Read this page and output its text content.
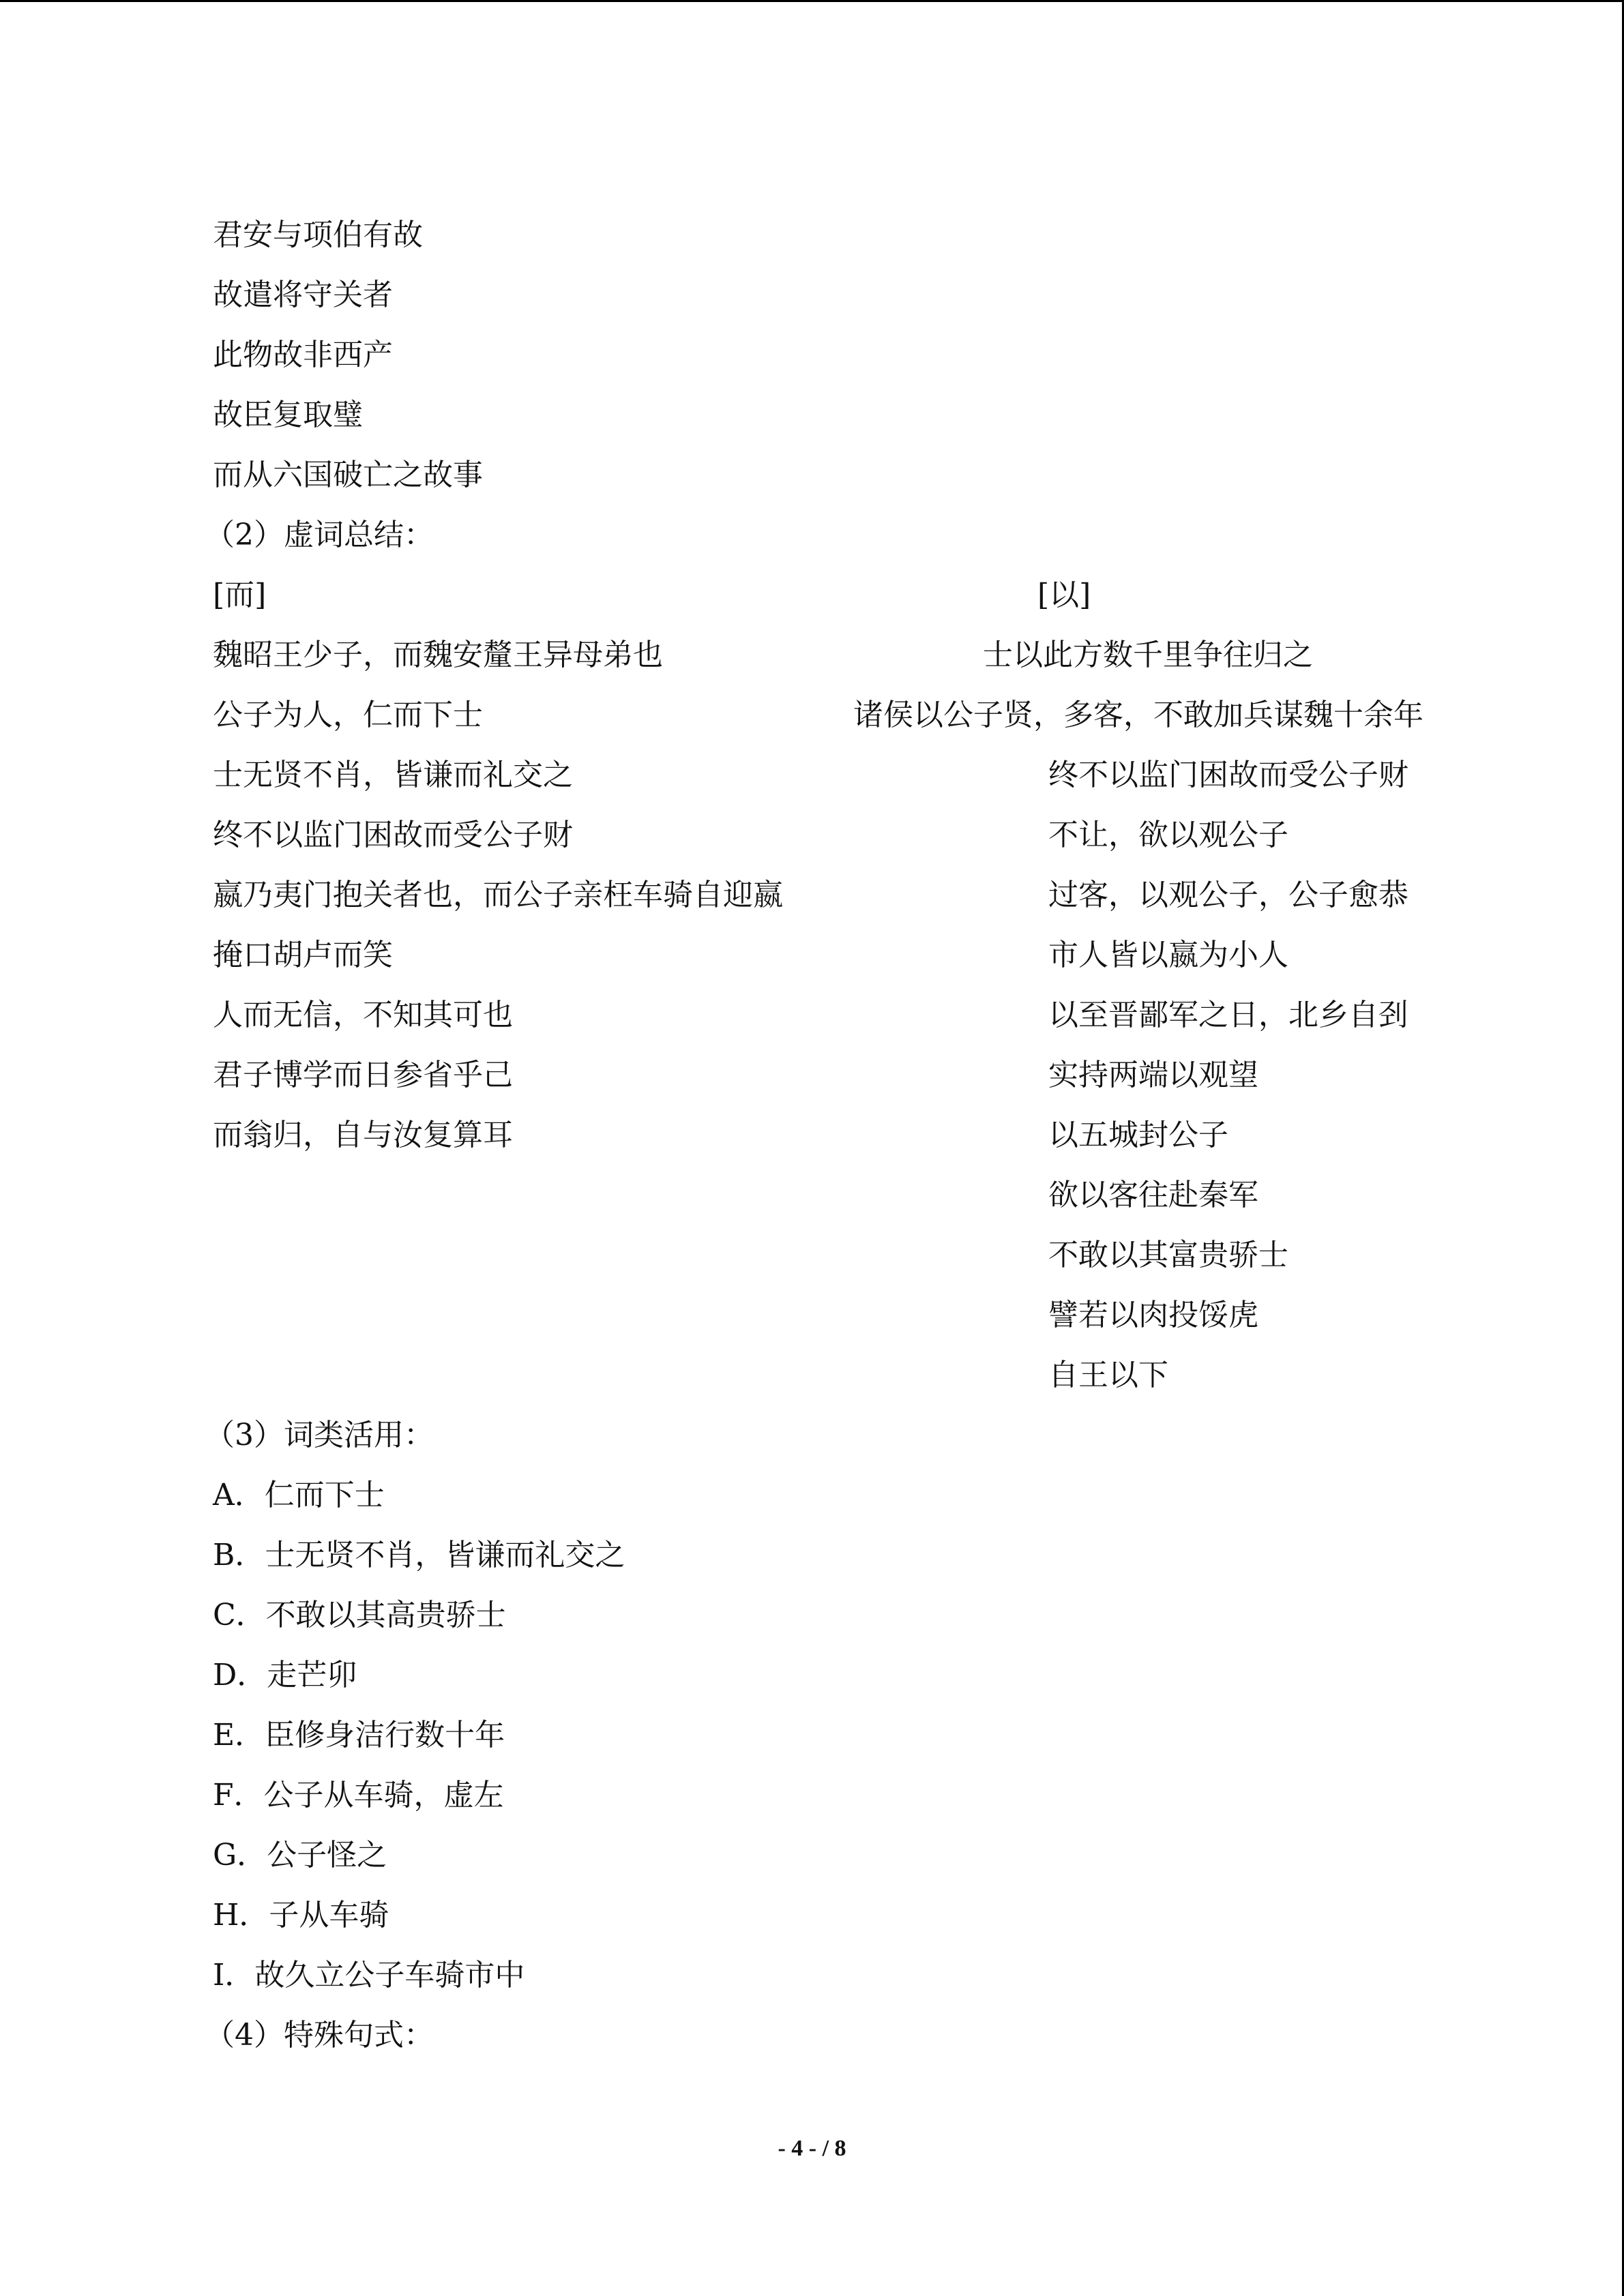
君安与项伯有故
故遣将守关者
此物故非西产
故臣复取璧
而从六国破亡之故事
（2）虚词总结：
[而]	[以]
魏昭王少子，而魏安釐王异母弟也
公子为人，仁而下士
士无贤不肖，皆谦而礼交之
终不以监门困故而受公子财
嬴乃夷门抱关者也，而公子亲枉车骑自迎嬴
掩口胡卢而笑
人而无信，不知其可也
君子博学而日参省乎己
而翁归，自与汝复算耳
士以此方数千里争往归之
诸侯以公子贤，多客，不敢加兵谋魏十余年
终不以监门困故而受公子财
不让，欲以观公子
过客，以观公子，公子愈恭
市人皆以嬴为小人
以至晋鄙军之日，北乡自刭
实持两端以观望
以五城封公子
欲以客往赴秦军
不敢以其富贵骄士
譬若以肉投馁虎
自王以下
（3）词类活用：
A．仁而下士
B．士无贤不肖，皆谦而礼交之
C．不敢以其高贵骄士
D．走芒卯
E．臣修身洁行数十年
F．公子从车骑，虚左
G．公子怪之
H．子从车骑
I．故久立公子车骑市中
（4）特殊句式：
- 4 - / 8
